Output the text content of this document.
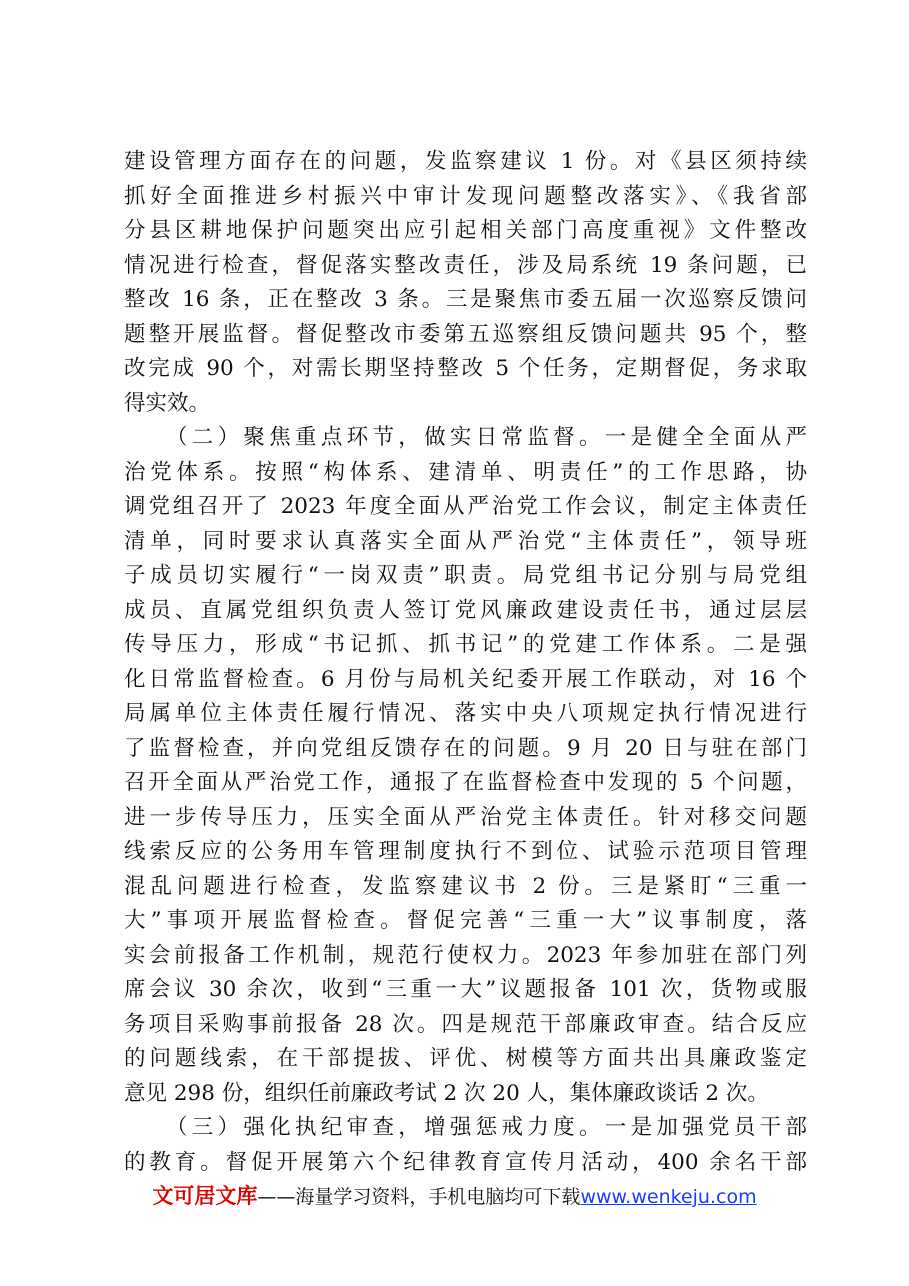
建设管理方面存在的问题，发监察建议 1 份。对《县区须持续
抓好全面推进乡村振兴中审计发现问题整改落实》、《我省部
分县区耕地保护问题突出应引起相关部门高度重视》文件整改
情况进行检查，督促落实整改责任，涉及局系统 19 条问题，已
整改 16 条，正在整改 3 条。三是聚焦市委五届一次巡察反馈问
题整开展监督。督促整改市委第五巡察组反馈问题共 95 个，整
改完成 90 个，对需长期坚持整改 5 个任务，定期督促，务求取
得实效。
（二）聚焦重点环节，做实日常监督。一是健全全面从严
治党体系。按照“构体系、建清单、明责任”的工作思路，协
调党组召开了 2023 年度全面从严治党工作会议，制定主体责任
清单，同时要求认真落实全面从严治党“主体责任”，领导班
子成员切实履行“一岗双责”职责。局党组书记分别与局党组
成员、直属党组织负责人签订党风廉政建设责任书，通过层层
传导压力，形成“书记抓、抓书记”的党建工作体系。二是强
化日常监督检查。6 月份与局机关纪委开展工作联动，对 16 个
局属单位主体责任履行情况、落实中央八项规定执行情况进行
了监督检查，并向党组反馈存在的问题。9 月 20 日与驻在部门
召开全面从严治党工作，通报了在监督检查中发现的 5 个问题，
进一步传导压力，压实全面从严治党主体责任。针对移交问题
线索反应的公务用车管理制度执行不到位、试验示范项目管理
混乱问题进行检查，发监察建议书 2 份。三是紧盯“三重一
大”事项开展监督检查。督促完善“三重一大”议事制度，落
实会前报备工作机制，规范行使权力。2023 年参加驻在部门列
席会议 30 余次，收到“三重一大”议题报备 101 次，货物或服
务项目采购事前报备 28 次。四是规范干部廉政审查。结合反应
的问题线索，在干部提拔、评优、树模等方面共出具廉政鉴定
意见 298 份，组织任前廉政考试 2 次 20 人，集体廉政谈话 2 次。
（三）强化执纪审查，增强惩戒力度。一是加强党员干部
的教育。督促开展第六个纪律教育宣传月活动，400 余名干部
文可居文库——海量学习资料，手机电脑均可下载www.wenkeju.com
